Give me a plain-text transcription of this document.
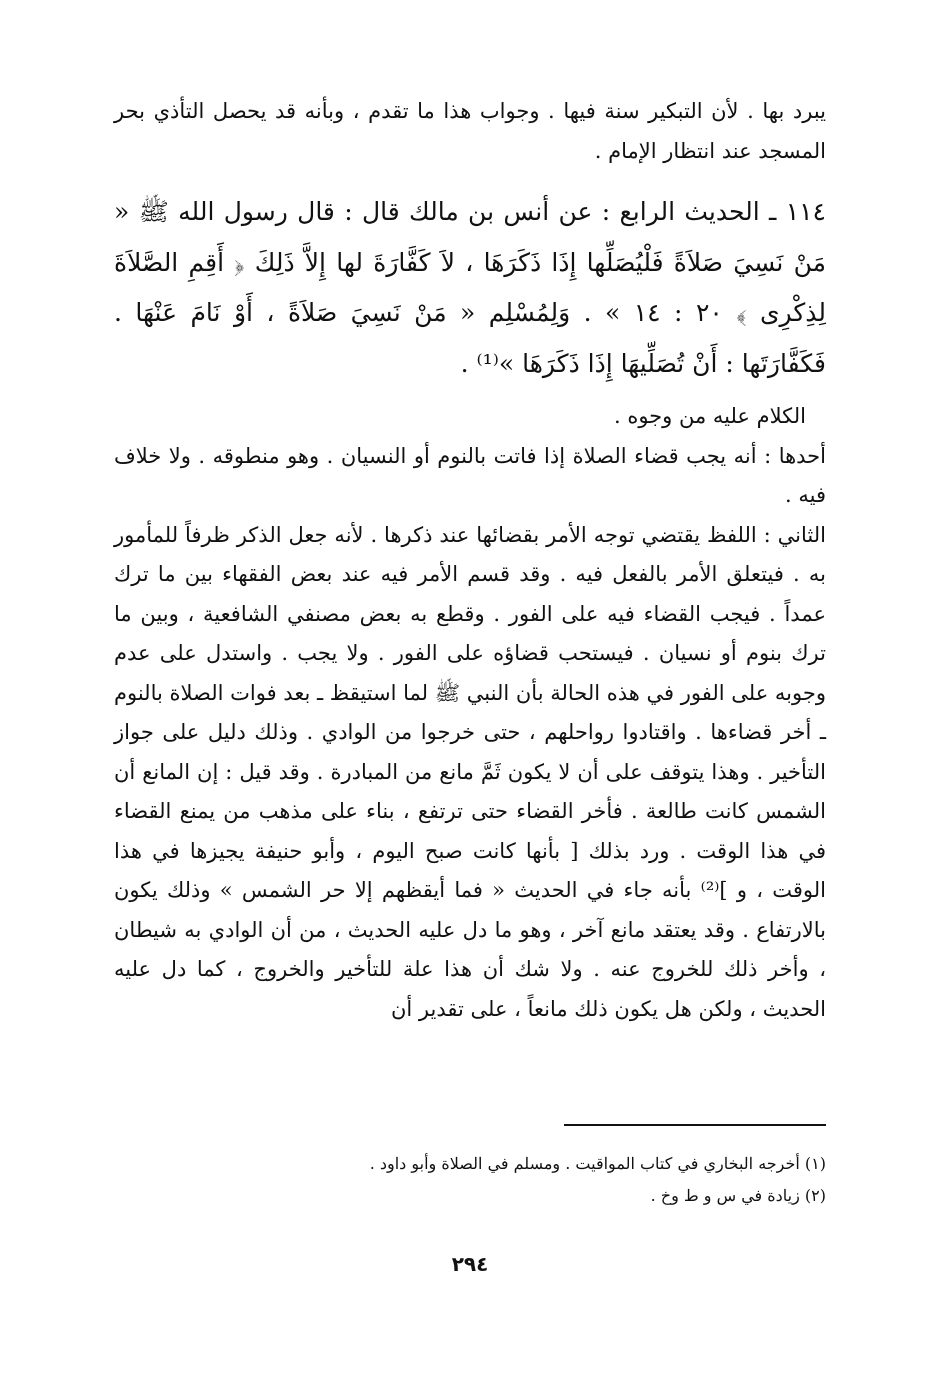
يبرد بها . لأن التبكير سنة فيها . وجواب هذا ما تقدم ، وبأنه قد يحصل التأذي بحر المسجد عند انتظار الإمام .

١١٤ ـ الحديث الرابع : عن أنس بن مالك قال : قال رسول الله ﷺ « مَنْ نَسِيَ صَلاَةً فَلْيُصَلِّها إِذَا ذَكَرَهَا ، لاَ كَفَّارَةَ لها إِلاَّ ذَلِكَ ﴿ أَقِمِ الصَّلاَةَ لِذِكْرِى ﴾ ٢٠ : ١٤ » . وَلِمُسْلِم « مَنْ نَسِيَ صَلاَةً ، أَوْ نَامَ عَنْهَا . فَكَفَّارَتَها : أَنْ تُصَلِّيهَا إِذَا ذَكَرَهَا »⁽¹⁾ .

الكلام عليه من وجوه .

أحدها : أنه يجب قضاء الصلاة إذا فاتت بالنوم أو النسيان . وهو منطوقه . ولا خلاف فيه .

الثاني : اللفظ يقتضي توجه الأمر بقضائها عند ذكرها . لأنه جعل الذكر ظرفاً للمأمور به . فيتعلق الأمر بالفعل فيه . وقد قسم الأمر فيه عند بعض الفقهاء بين ما ترك عمداً . فيجب القضاء فيه على الفور . وقطع به بعض مصنفي الشافعية ، وبين ما ترك بنوم أو نسيان . فيستحب قضاؤه على الفور . ولا يجب . واستدل على عدم وجوبه على الفور في هذه الحالة بأن النبي ﷺ لما استيقظ ـ بعد فوات الصلاة بالنوم ـ أخر قضاءها . واقتادوا رواحلهم ، حتى خرجوا من الوادي . وذلك دليل على جواز التأخير . وهذا يتوقف على أن لا يكون ثَمَّ مانع من المبادرة . وقد قيل : إن المانع أن الشمس كانت طالعة . فأخر القضاء حتى ترتفع ، بناء على مذهب من يمنع القضاء في هذا الوقت . ورد بذلك [ بأنها كانت صبح اليوم ، وأبو حنيفة يجيزها في هذا الوقت ، و ]⁽²⁾ بأنه جاء في الحديث « فما أيقظهم إلا حر الشمس » وذلك يكون بالارتفاع . وقد يعتقد مانع آخر ، وهو ما دل عليه الحديث ، من أن الوادي به شيطان ، وأخر ذلك للخروج عنه . ولا شك أن هذا علة للتأخير والخروج ، كما دل عليه الحديث ، ولكن هل يكون ذلك مانعاً ، على تقدير أن

(١) أخرجه البخاري في كتاب المواقيت . ومسلم في الصلاة وأبو داود .
(٢) زيادة في س و ط وخ .
٢٩٤
